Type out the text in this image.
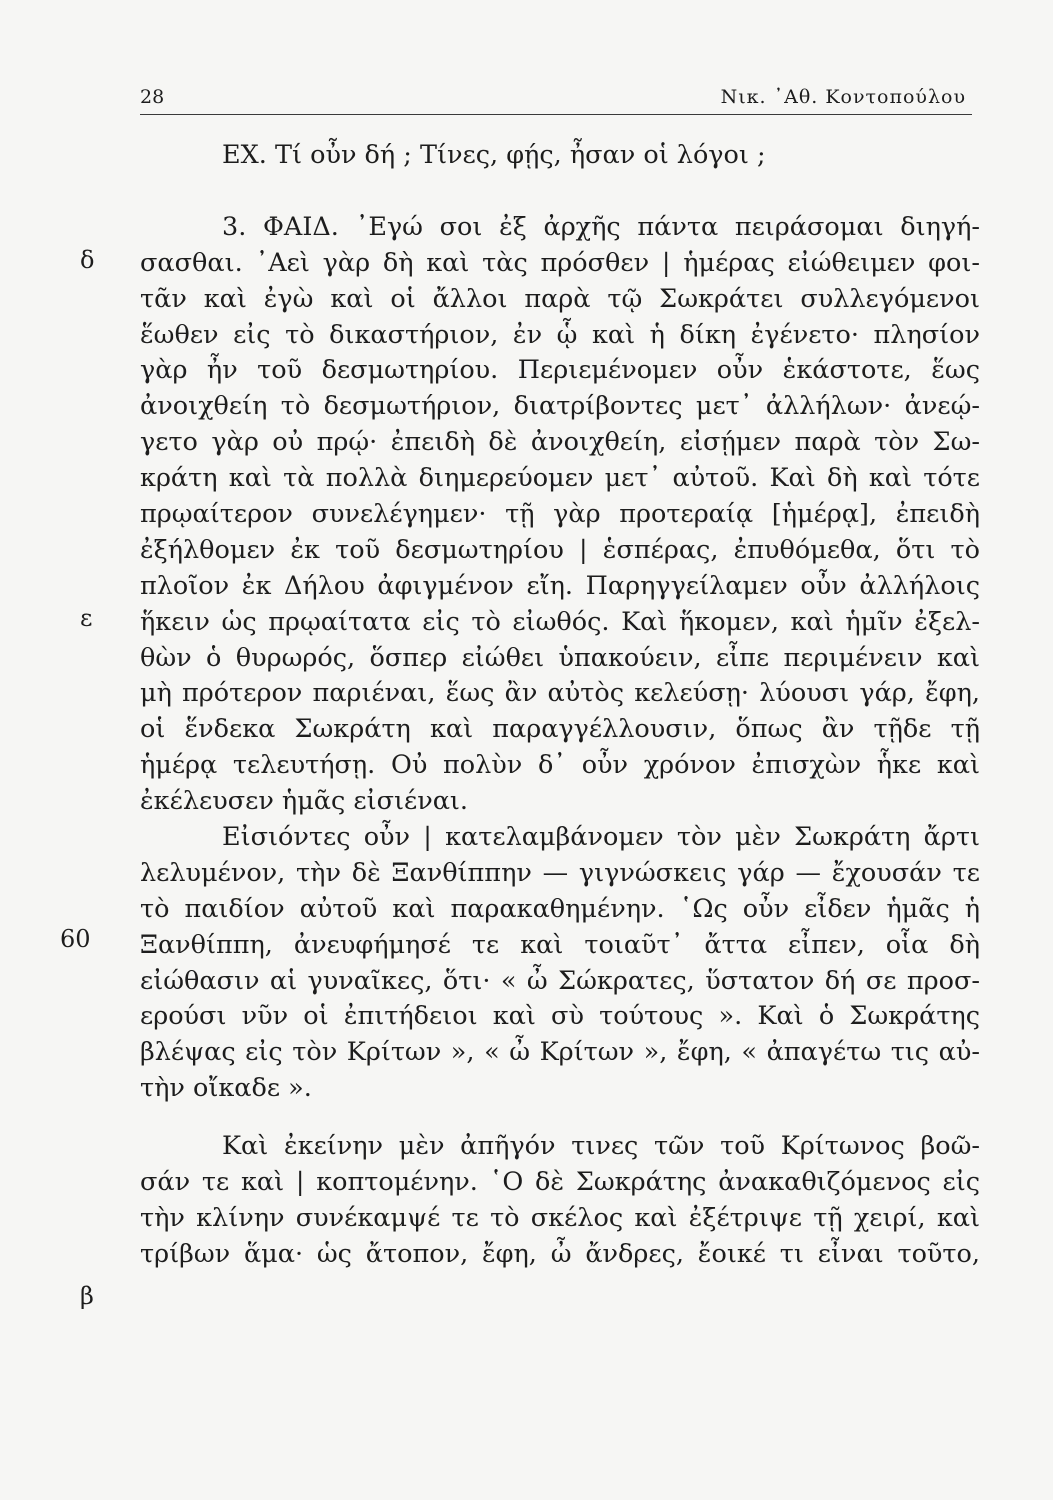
28	Νικ. ᾽Αθ. Κοντοπούλου
δ
ε
60
β
ΕΧ. Τί οὖν δή ; Τίνες, φῄς, ἦσαν οἱ λόγοι ;
3. ΦΑΙΔ. ᾽Εγώ σοι ἐξ ἀρχῆς πάντα πειράσομαι διηγή-
σασθαι. ᾽Αεὶ γὰρ δὴ καὶ τὰς πρόσθεν | ἡμέρας εἰώθειμεν φοι-
τᾶν καὶ ἐγὼ καὶ οἱ ἄλλοι παρὰ τῷ Σωκράτει συλλεγόμενοι
ἕωθεν εἰς τὸ δικαστήριον, ἐν ᾧ καὶ ἡ δίκη ἐγένετο· πλησίον
γὰρ ἦν τοῦ δεσμωτηρίου. Περιεμένομεν οὖν ἑκάστοτε, ἕως
ἀνοιχθείη τὸ δεσμωτήριον, διατρίβοντες μετ᾽ ἀλλήλων· ἀνεῴ-
γετο γὰρ οὐ πρῴ· ἐπειδὴ δὲ ἀνοιχθείη, εἰσῄμεν παρὰ τὸν Σω-
κράτη καὶ τὰ πολλὰ διημερεύομεν μετ᾽ αὐτοῦ. Καὶ δὴ καὶ τότε
πρῳαίτερον συνελέγημεν· τῇ γὰρ προτεραίᾳ [ἡμέρᾳ], ἐπειδὴ
ἐξήλθομεν ἐκ τοῦ δεσμωτηρίου | ἑσπέρας, ἐπυθόμεθα, ὅτι τὸ
πλοῖον ἐκ Δήλου ἀφιγμένον εἴη. Παρηγγείλαμεν οὖν ἀλλήλοις
ἥκειν ὡς πρῳαίτατα εἰς τὸ εἰωθός. Καὶ ἥκομεν, καὶ ἡμῖν ἐξελ-
θὼν ὁ θυρωρός, ὅσπερ εἰώθει ὑπακούειν, εἶπε περιμένειν καὶ
μὴ πρότερον παριέναι, ἕως ἂν αὐτὸς κελεύσῃ· λύουσι γάρ, ἔφη,
οἱ ἕνδεκα Σωκράτη καὶ παραγγέλλουσιν, ὅπως ἂν τῇδε τῇ
ἡμέρᾳ τελευτήσῃ. Οὐ πολὺν δ᾽ οὖν χρόνον ἐπισχὼν ἧκε καὶ
ἐκέλευσεν ἡμᾶς εἰσιέναι.
Εἰσιόντες οὖν | κατελαμβάνομεν τὸν μὲν Σωκράτη ἄρτι
λελυμένον, τὴν δὲ Ξανθίππην — γιγνώσκεις γάρ — ἔχουσάν τε
τὸ παιδίον αὐτοῦ καὶ παρακαθημένην. ῾Ως οὖν εἶδεν ἡμᾶς ἡ
Ξανθίππη, ἀνευφήμησέ τε καὶ τοιαῦτ᾽ ἄττα εἶπεν, οἷα δὴ
εἰώθασιν αἱ γυναῖκες, ὅτι· « ὦ Σώκρατες, ὕστατον δή σε προσ-
ερούσι νῦν οἱ ἐπιτήδειοι καὶ σὺ τούτους ». Καὶ ὁ Σωκράτης
βλέψας εἰς τὸν Κρίτων », « ὦ Κρίτων », ἔφη, « ἀπαγέτω τις αὐ-
τὴν οἴκαδε ».
Καὶ ἐκείνην μὲν ἀπῆγόν τινες τῶν τοῦ Κρίτωνος βοῶ-
σάν τε καὶ | κοπτομένην. ῾Ο δὲ Σωκράτης ἀνακαθιζόμενος εἰς
τὴν κλίνην συνέκαμψέ τε τὸ σκέλος καὶ ἐξέτριψε τῇ χειρί, καὶ
τρίβων ἅμα· ὡς ἄτοπον, ἔφη, ὦ ἄνδρες, ἔοικέ τι εἶναι τοῦτο,
